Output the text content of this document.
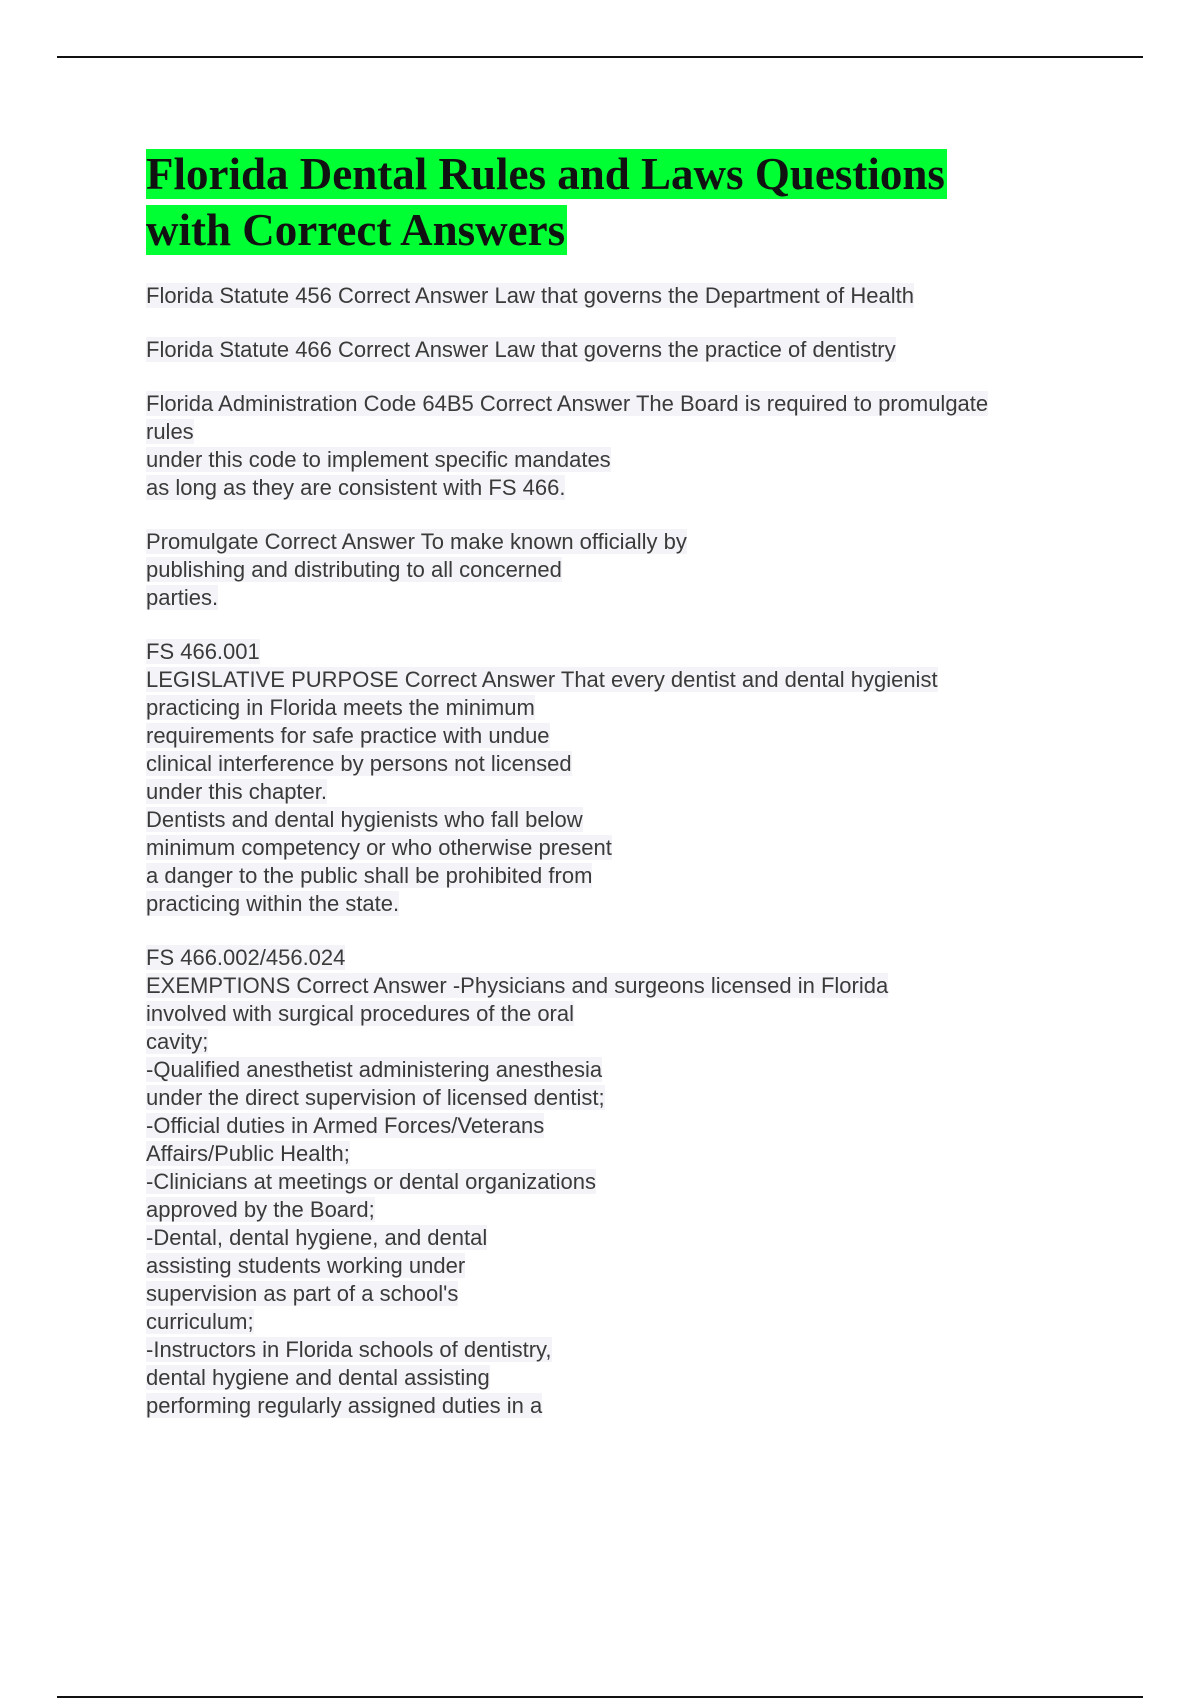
Florida Dental Rules and Laws Questions
with Correct Answers
Florida Statute 456 Correct Answer Law that governs the Department of Health
Florida Statute 466 Correct Answer Law that governs the practice of dentistry
Florida Administration Code 64B5 Correct Answer The Board is required to promulgate
rules
under this code to implement specific mandates
as long as they are consistent with FS 466.
Promulgate Correct Answer To make known officially by
publishing and distributing to all concerned
parties.
FS 466.001
LEGISLATIVE PURPOSE Correct Answer That every dentist and dental hygienist
practicing in Florida meets the minimum
requirements for safe practice with undue
clinical interference by persons not licensed
under this chapter.
Dentists and dental hygienists who fall below
minimum competency or who otherwise present
a danger to the public shall be prohibited from
practicing within the state.
FS 466.002/456.024
EXEMPTIONS Correct Answer -Physicians and surgeons licensed in Florida
involved with surgical procedures of the oral
cavity;
-Qualified anesthetist administering anesthesia
under the direct supervision of licensed dentist;
-Official duties in Armed Forces/Veterans
Affairs/Public Health;
-Clinicians at meetings or dental organizations
approved by the Board;
-Dental, dental hygiene, and dental
assisting students working under
supervision as part of a school's
curriculum;
-Instructors in Florida schools of dentistry,
dental hygiene and dental assisting
performing regularly assigned duties in a
